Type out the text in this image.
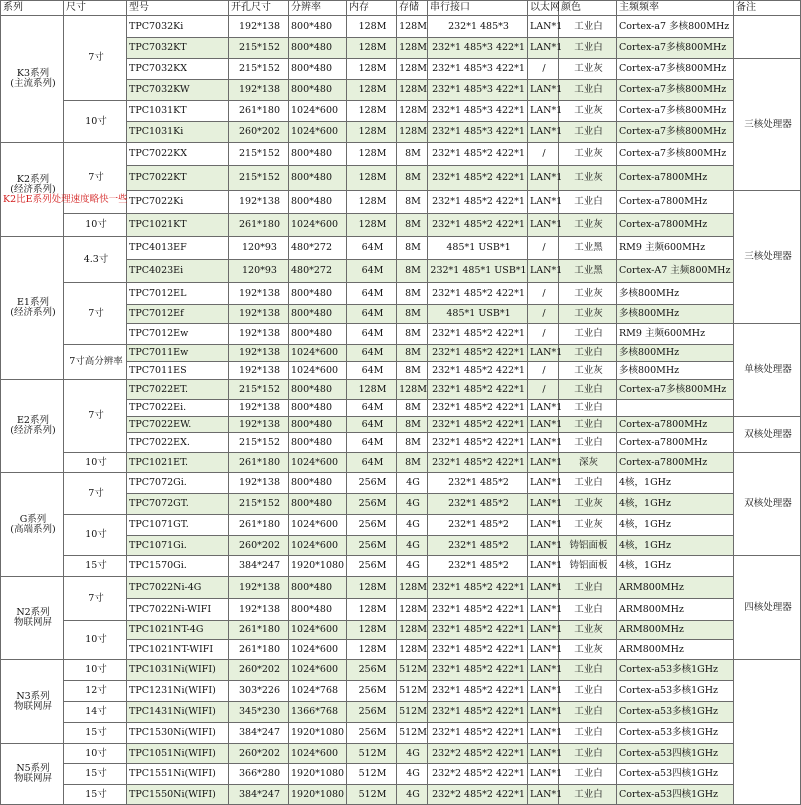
系列	尺寸	型号	开孔尺寸	分辨率	内存	存储	串行接口	以太网	颜色	主频频率	备注

K3系列
(主流系列)	7寸	TPC7032Ki	192*138	800*480	128M	128M	232*1 485*3	LAN*1	工业白	Cortex-a7 多核800MHz	
		TPC7032KT	215*152	800*480	128M	128M	232*1 485*3 422*1	LAN*1	工业白	Cortex-a7多核800MHz	
		TPC7032KX	215*152	800*480	128M	128M	232*1 485*3 422*1	/	工业灰	Cortex-a7多核800MHz	三核处理器
		TPC7032KW	192*138	800*480	128M	128M	232*1 485*3 422*1	LAN*1	工业白	Cortex-a7多核800MHz	
	10寸	TPC1031KT	261*180	1024*600	128M	128M	232*1 485*3 422*1	LAN*1	工业灰	Cortex-a7多核800MHz	
		TPC1031Ki	260*202	1024*600	128M	128M	232*1 485*3 422*1	LAN*1	工业白	Cortex-a7多核800MHz	

K2系列
(经济系列)
K2比E系列处理速度略快一些	7寸	TPC7022KX	215*152	800*480	128M	8M	232*1 485*2 422*1	/	工业灰	Cortex-a7多核800MHz	
		TPC7022KT	215*152	800*480	128M	8M	232*1 485*2 422*1	LAN*1	工业灰	Cortex-a7800MHz	
		TPC7022Ki	192*138	800*480	128M	8M	232*1 485*2 422*1	LAN*1	工业白	Cortex-a7800MHz	三核处理器
	10寸	TPC1021KT	261*180	1024*600	128M	8M	232*1 485*2 422*1	LAN*1	工业灰	Cortex-a7800MHz	

E1系列
(经济系列)	4.3寸	TPC4013EF	120*93	480*272	64M	8M	485*1 USB*1	/	工业黑	RM9 主频600MHz	
		TPC4023Ei	120*93	480*272	64M	8M	232*1 485*1 USB*1	LAN*1	工业黑	Cortex-A7 主频800MHz	
	7寸	TPC7012EL	192*138	800*480	64M	8M	232*1 485*2 422*1	/	工业灰	多核800MHz	
		TPC7012Ef	192*138	800*480	64M	8M	485*1 USB*1	/	工业灰	多核800MHz	
		TPC7012Ew	192*138	800*480	64M	8M	232*1 485*2 422*1	/	工业白	RM9 主频600MHz	单核处理器
	7寸高分辨率	TPC7011Ew	192*138	1024*600	64M	8M	232*1 485*2 422*1	LAN*1	工业白	多核800MHz	
		TPC7011ES	192*138	1024*600	64M	8M	232*1 485*2 422*1	/	工业灰	多核800MHz	

E2系列
(经济系列)	7寸	TPC7022ET.	215*152	800*480	128M	128M	232*1 485*2 422*1	/	工业白	Cortex-a7多核800MHz	
		TPC7022Ei.	192*138	800*480	64M	8M	232*1 485*2 422*1	LAN*1	工业白		
		TPC7022EW.	192*138	800*480	64M	8M	232*1 485*2 422*1	LAN*1	工业白	Cortex-a7800MHz	双核处理器
		TPC7022EX.	215*152	800*480	64M	8M	232*1 485*2 422*1	LAN*1	工业白	Cortex-a7800MHz	
	10寸	TPC1021ET.	261*180	1024*600	64M	8M	232*1 485*2 422*1	LAN*1	深灰	Cortex-a7800MHz	双核处理器

G系列
(高端系列)	7寸	TPC7072Gi.	192*138	800*480	256M	4G	232*1 485*2	LAN*1	工业白	4核，1GHz	
		TPC7072GT.	215*152	800*480	256M	4G	232*1 485*2	LAN*1	工业灰	4核，1GHz	
	10寸	TPC1071GT.	261*180	1024*600	256M	4G	232*1 485*2	LAN*1	工业灰	4核，1GHz	
		TPC1071Gi.	260*202	1024*600	256M	4G	232*1 485*2	LAN*1	铸铝面板	4核，1GHz	
	15寸	TPC1570Gi.	384*247	1920*1080	256M	4G	232*1 485*2	LAN*1	铸铝面板	4核，1GHz	四核处理器

N2系列
物联网屏	7寸	TPC7022Ni-4G	192*138	800*480	128M	128M	232*1 485*2 422*1	LAN*1	工业白	ARM800MHz	
		TPC7022Ni-WIFI	192*138	800*480	128M	128M	232*1 485*2 422*1	LAN*1	工业白	ARM800MHz	
	10寸	TPC1021NT-4G	261*180	1024*600	128M	128M	232*1 485*2 422*1	LAN*1	工业灰	ARM800MHz	
		TPC1021NT-WIFI	261*180	1024*600	128M	128M	232*1 485*2 422*1	LAN*1	工业灰	ARM800MHz	

N3系列
物联网屏	10寸	TPC1031Ni(WIFI)	260*202	1024*600	256M	512M	232*1 485*2 422*1	LAN*1	工业白	Cortex-a53多核1GHz	
	12寸	TPC1231Ni(WIFI)	303*226	1024*768	256M	512M	232*1 485*2 422*1	LAN*1	工业白	Cortex-a53多核1GHz	
	14寸	TPC1431Ni(WIFI)	345*230	1366*768	256M	512M	232*1 485*2 422*1	LAN*1	工业白	Cortex-a53多核1GHz	
	15寸	TPC1530Ni(WIFI)	384*247	1920*1080	256M	512M	232*1 485*2 422*1	LAN*1	工业白	Cortex-a53多核1GHz	

N5系列
物联网屏	10寸	TPC1051Ni(WIFI)	260*202	1024*600	512M	4G	232*2 485*2 422*1	LAN*1	工业白	Cortex-a53四核1GHz	
	15寸	TPC1551Ni(WIFI)	366*280	1920*1080	512M	4G	232*2 485*2 422*1	LAN*1	工业白	Cortex-a53四核1GHz	
	15寸	TPC1550Ni(WIFI)	384*247	1920*1080	512M	4G	232*2 485*2 422*1	LAN*1	工业白	Cortex-a53四核1GHz	
